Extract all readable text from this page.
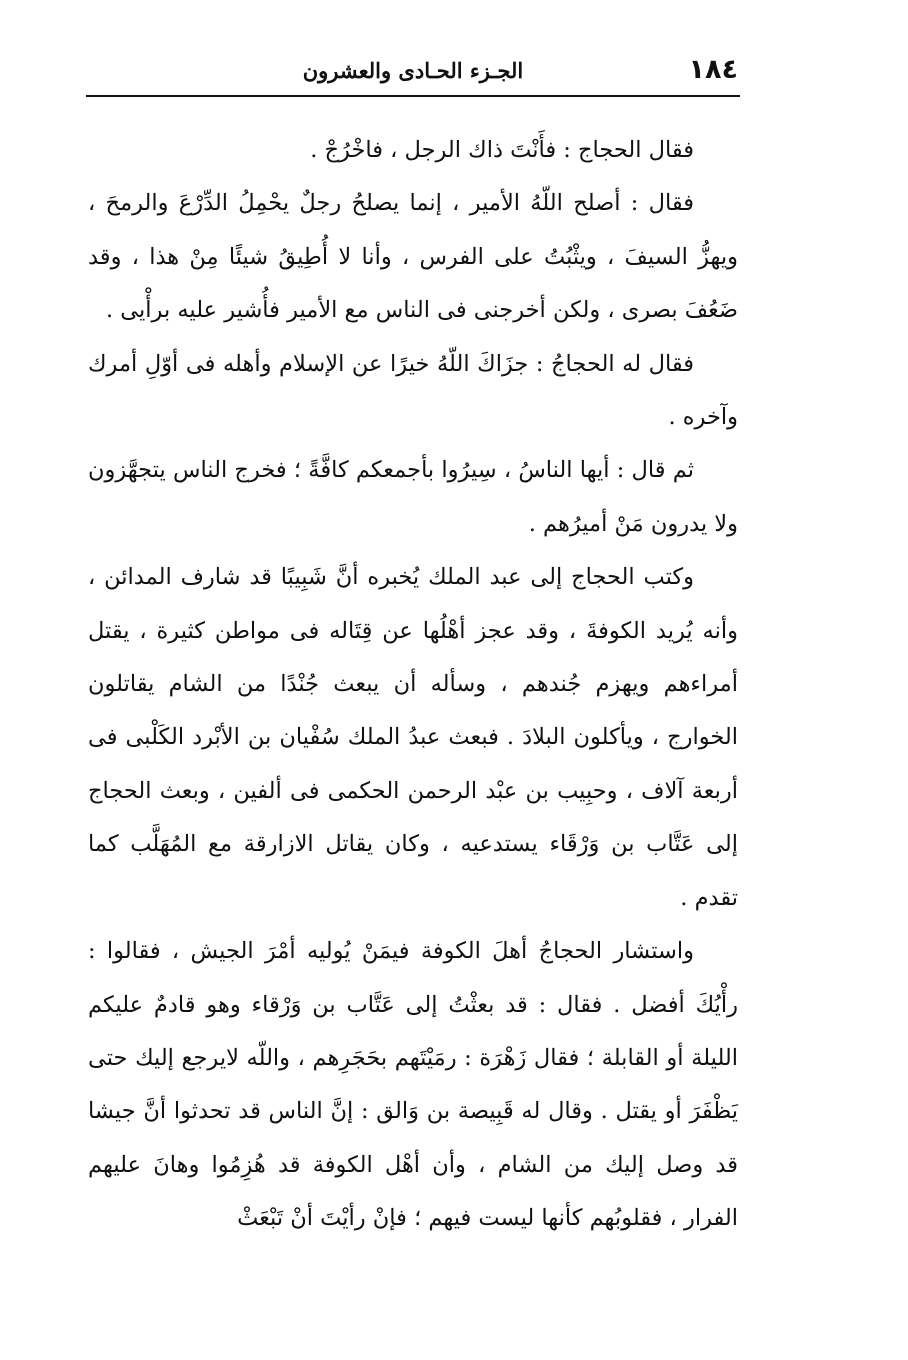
١٨٤
الجـزء الحـادى والعشرون

فقال الحجاج : فأَنْتَ ذاك الرجل ، فاخْرُجْ .

فقال : أصلح اللّهُ الأمير ، إنما يصلحُ رجلٌ يحْمِلُ الدِّرْعَ والرمحَ ، ويهزُّ السيفَ ، ويثْبُتُ على الفرس ، وأنا لا أُطِيقُ شيئًا مِنْ هذا ، وقد ضَعُفَ بصرى ، ولكن أخرجنى فى الناس مع الأمير فأُشير عليه برأْيى .

فقال له الحجاجُ : جزَاكَ اللّهُ خيرًا عن الإسلام وأهله فى أوّلِ أمرك وآخره .

ثم قال : أيها الناسُ ، سِيرُوا بأجمعكم كافَّةً ؛ فخرج الناس يتجهَّزون ولا يدرون مَنْ أميرُهم .

وكتب الحجاج إلى عبد الملك يُخبره أنَّ شَبِيبًا قد شارف المدائن ، وأنه يُريد الكوفةَ ، وقد عجز أهْلُها عن قِتَاله فى مواطن كثيرة ، يقتل أمراءهم ويهزم جُندهم ، وسأله أن يبعث جُنْدًا من الشام يقاتلون الخوارج ، ويأكلون البلادَ . فبعث عبدُ الملك سُفْيان بن الأبْرد الكَلْبى فى أربعة آلاف ، وحبِيب بن عبْد الرحمن الحكمى فى ألفين ، وبعث الحجاج إلى عَتَّاب بن وَرْقَاء يستدعيه ، وكان يقاتل الازارقة مع المُهَلَّب كما تقدم .

واستشار الحجاجُ أهلَ الكوفة فيمَنْ يُوليه أمْرَ الجيش ، فقالوا : رأْيُكَ أفضل . فقال : قد بعثْتُ إلى عَتَّاب بن وَرْقاء وهو قادمٌ عليكم الليلة أو القابلة ؛ فقال زَهْرَة : رمَيْتَهم بحَجَرِهم ، واللّه لايرجع إليك حتى يَظْفَرَ أو يقتل . وقال له قَبِيصة بن وَالق : إنَّ الناس قد تحدثوا أنَّ جيشا قد وصل إليك من الشام ، وأن أهْل الكوفة قد هُزِمُوا وهانَ عليهم الفرار ، فقلوبُهم كأنها ليست فيهم ؛ فإنْ رأيْتَ أنْ تَبْعَثْ
